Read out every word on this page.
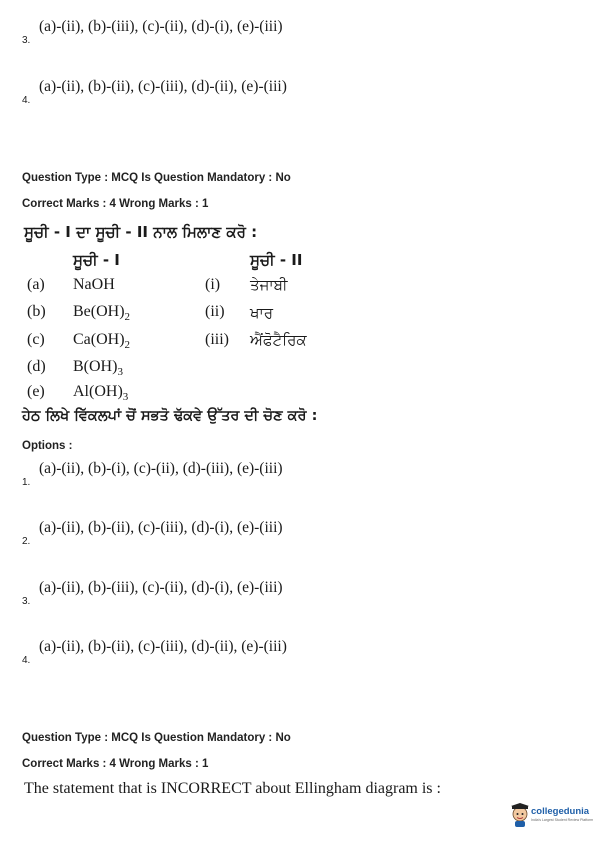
3.
(a)-(ii), (b)-(iii), (c)-(ii), (d)-(i), (e)-(iii)
4.
(a)-(ii), (b)-(ii), (c)-(iii), (d)-(ii), (e)-(iii)
Question Type : MCQ Is Question Mandatory : No
Correct Marks : 4 Wrong Marks : 1
ਸੂਚੀ - I ਦਾ ਸੂਚੀ - II ਨਾਲ ਮਿਲਾਣ ਕਰੋ :
ਸੂਚੀ - I	ਸੂਚੀ - II
(a) NaOH	(i) ਤੇਜਾਬੀ
(b) $Be(OH)_2$	(ii) ਖਾਰ
(c) $Ca(OH)_2$	(iii) ਐਂਫੋਟੈਰਿਕ
(d) $B(OH)_3$
(e) $Al(OH)_3$
ਹੇਠ ਲਿਖੇ ਵਿੱਕਲਪਾਂ ਚੋਂ ਸਭਤੋ ਢੱਕਵੇ ਉੱਤਰ ਦੀ ਚੋਣ ਕਰੋ :
Options :
1.
(a)-(ii), (b)-(i), (c)-(ii), (d)-(iii), (e)-(iii)
2.
(a)-(ii), (b)-(ii), (c)-(iii), (d)-(i), (e)-(iii)
3.
(a)-(ii), (b)-(iii), (c)-(ii), (d)-(i), (e)-(iii)
4.
(a)-(ii), (b)-(ii), (c)-(iii), (d)-(ii), (e)-(iii)
Question Type : MCQ Is Question Mandatory : No
Correct Marks : 4 Wrong Marks : 1
The statement that is INCORRECT about Ellingham diagram is :
collegedunia
India's Largest Student Review Platform
